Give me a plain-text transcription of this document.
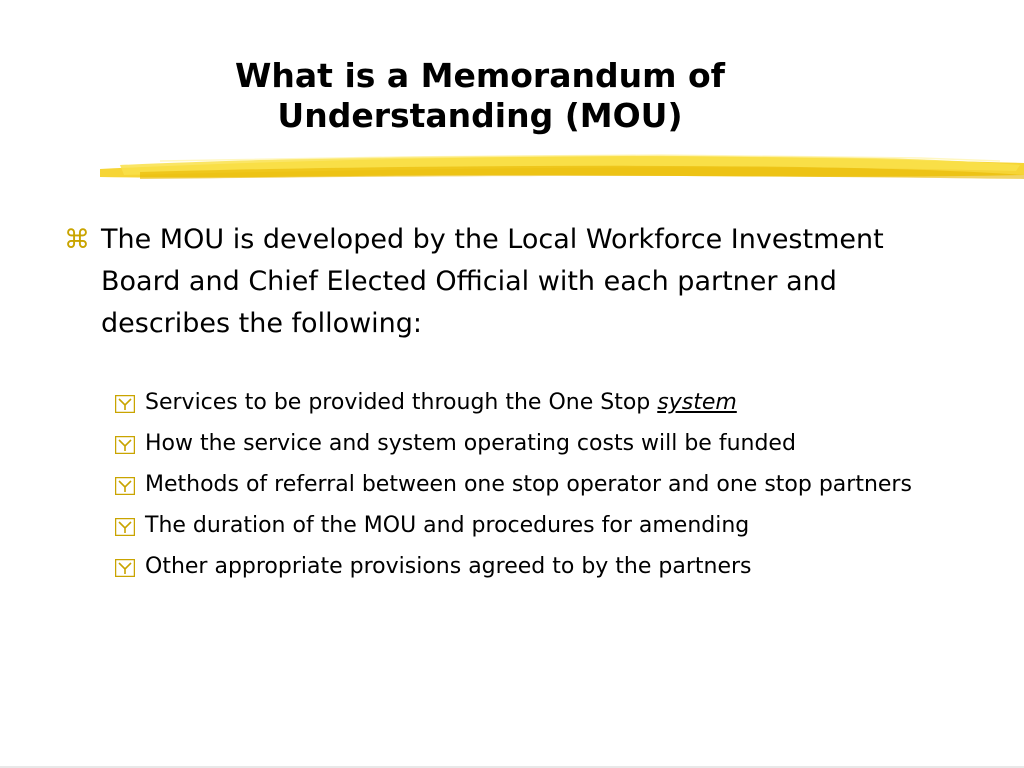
What is a Memorandum of
Understanding (MOU)
⌘ The MOU is developed by the Local Workforce Investment Board and Chief Elected Official with each partner and describes the following:
Services to be provided through the One Stop system
How the service and system operating costs will be funded
Methods of referral between one stop operator and one stop partners
The duration of the MOU and procedures for amending
Other appropriate provisions agreed to by the partners
